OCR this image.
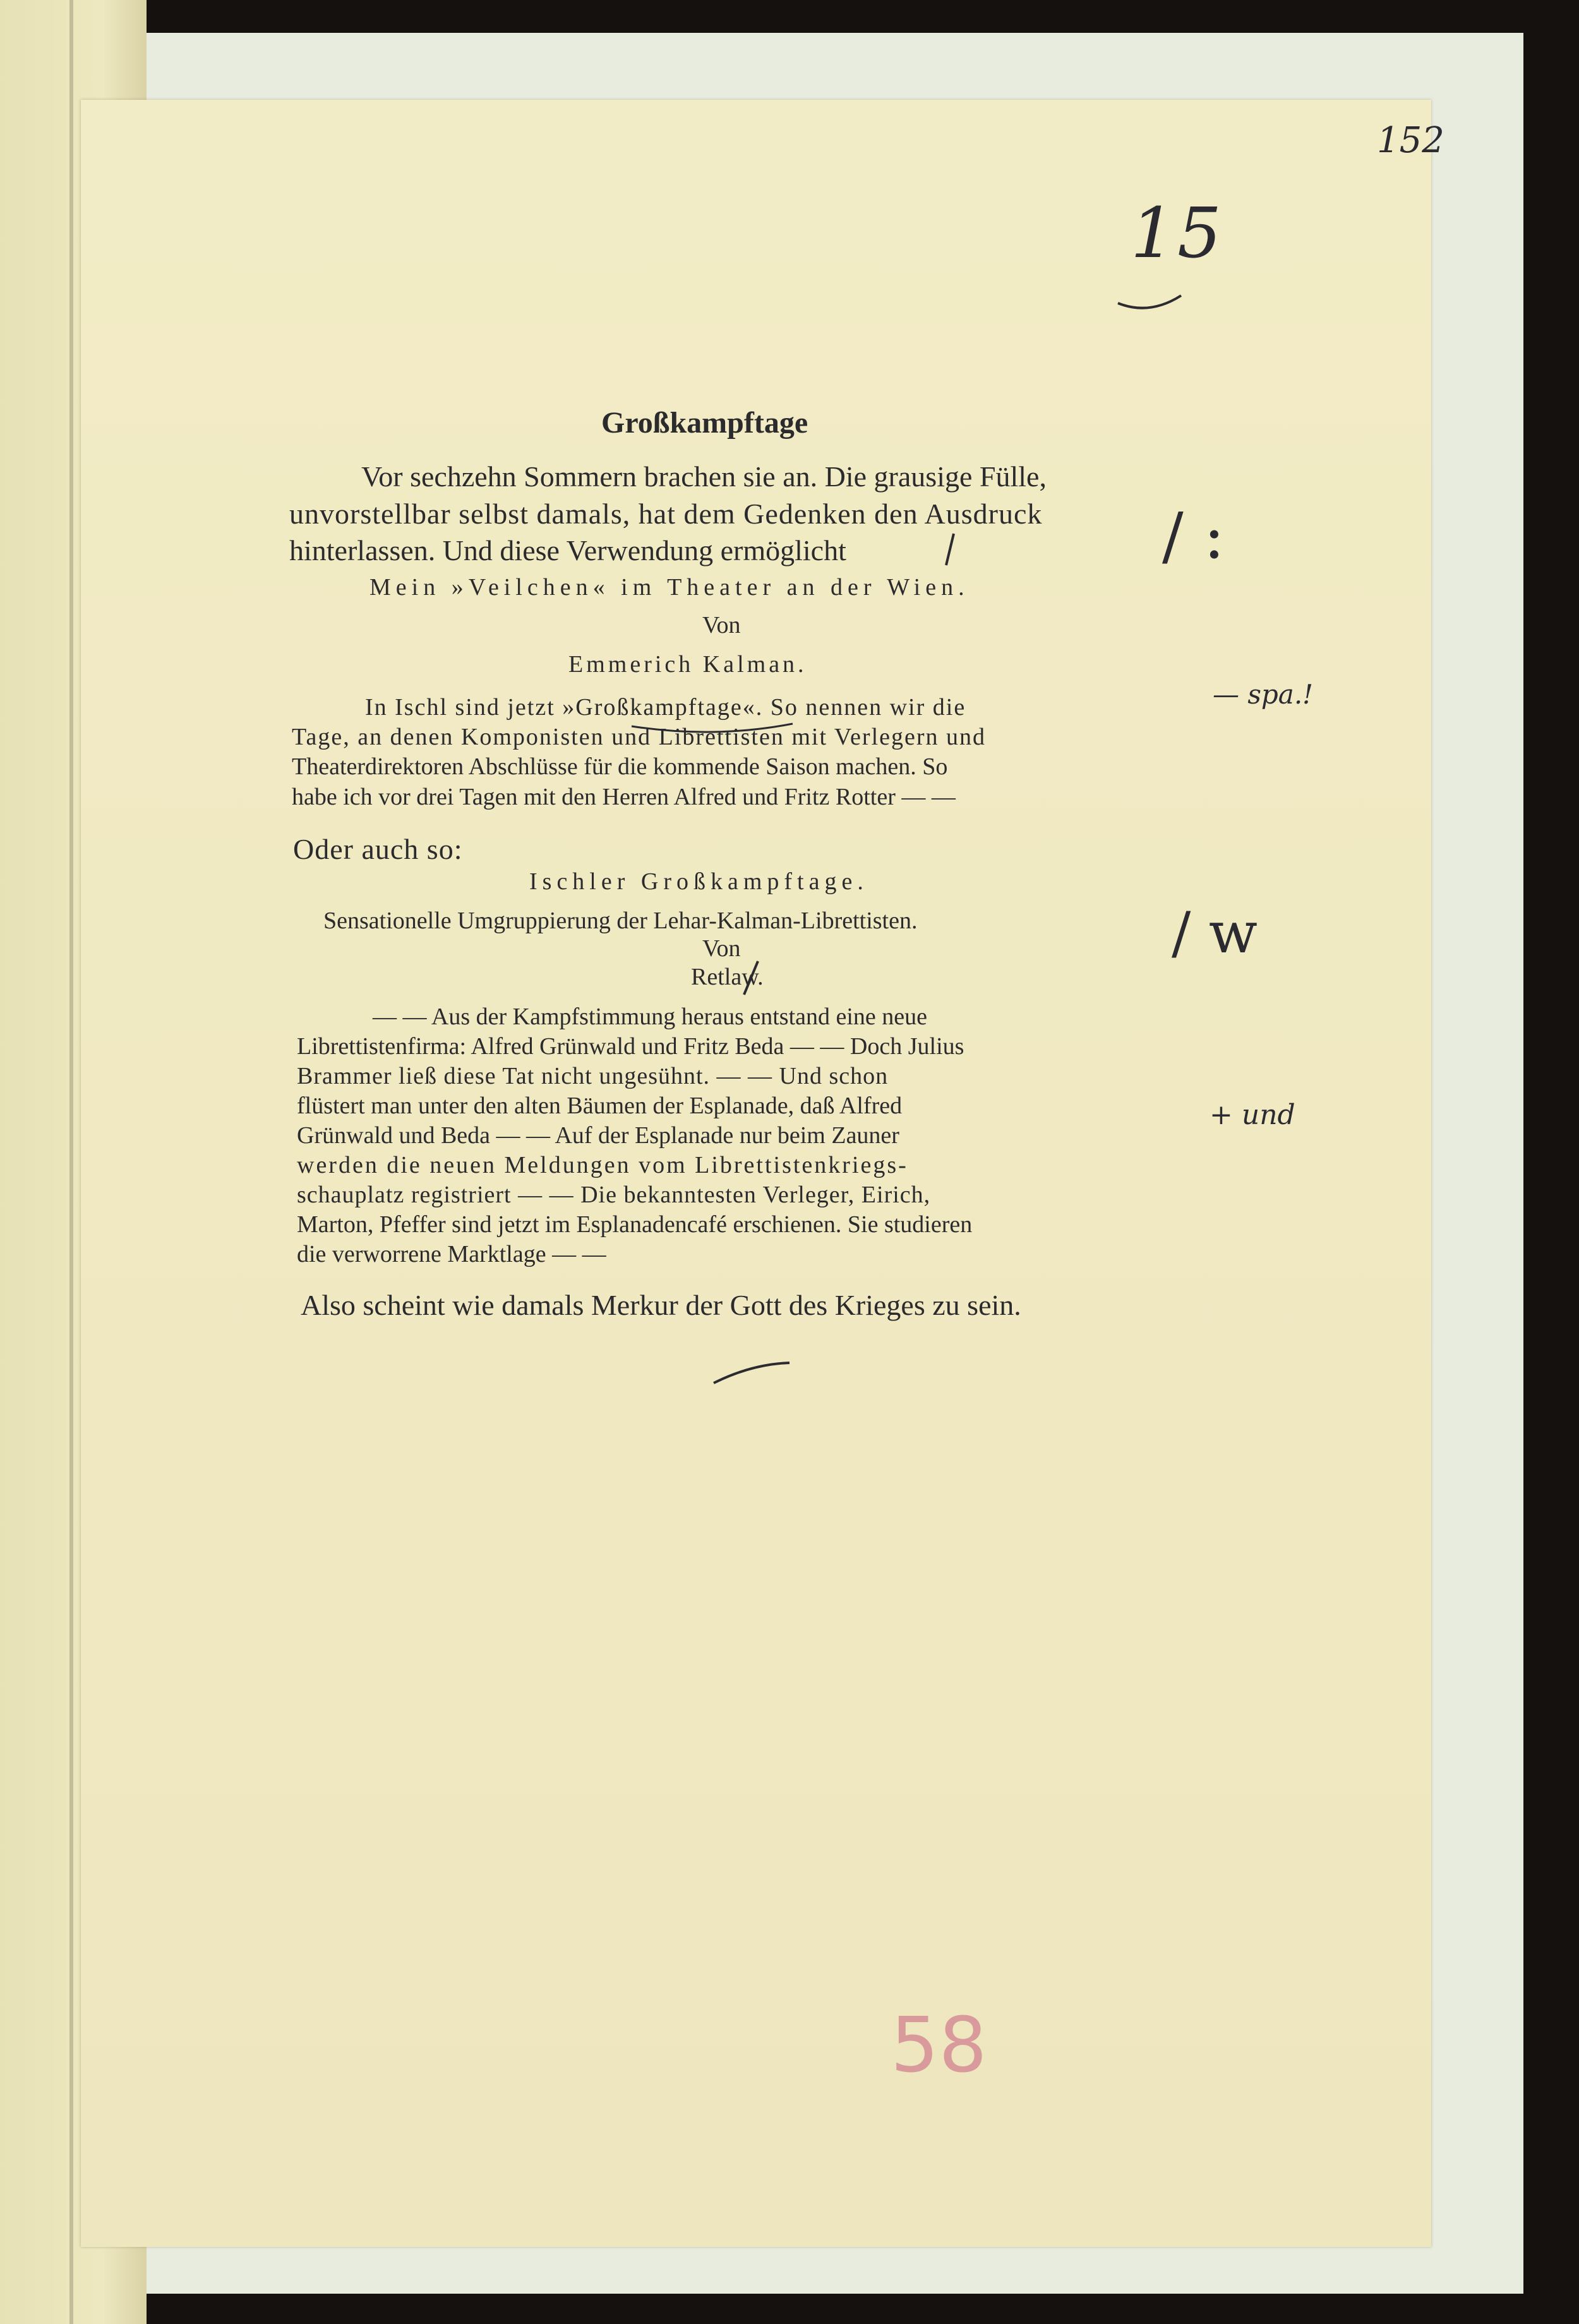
152
15
58
/ :
— spa.!
/ w
+ und
Großkampftage
Vor sechzehn Sommern brachen sie an. Die grausige Fülle,
unvorstellbar selbst damals, hat dem Gedenken den Ausdruck
hinterlassen. Und diese Verwendung ermöglicht
Mein »Veilchen« im Theater an der Wien.
Von
Emmerich Kalman.
In Ischl sind jetzt »Großkampftage«. So nennen wir die
Tage, an denen Komponisten und Librettisten mit Verlegern und
Theaterdirektoren Abschlüsse für die kommende Saison machen. So
habe ich vor drei Tagen mit den Herren Alfred und Fritz Rotter — —
Oder auch so:
Ischler Großkampftage.
Sensationelle Umgruppierung der Lehar-Kalman-Librettisten.
Von
Retlaw.
— — Aus der Kampfstimmung heraus entstand eine neue
Librettistenfirma: Alfred Grünwald und Fritz Beda — — Doch Julius
Brammer ließ diese Tat nicht ungesühnt. — — Und schon
flüstert man unter den alten Bäumen der Esplanade, daß Alfred
Grünwald und Beda — — Auf der Esplanade nur beim Zauner
werden die neuen Meldungen vom Librettistenkriegs-
schauplatz registriert — — Die bekanntesten Verleger, Eirich,
Marton, Pfeffer sind jetzt im Esplanadencafé erschienen. Sie studieren
die verworrene Marktlage — —
Also scheint wie damals Merkur der Gott des Krieges zu sein.
